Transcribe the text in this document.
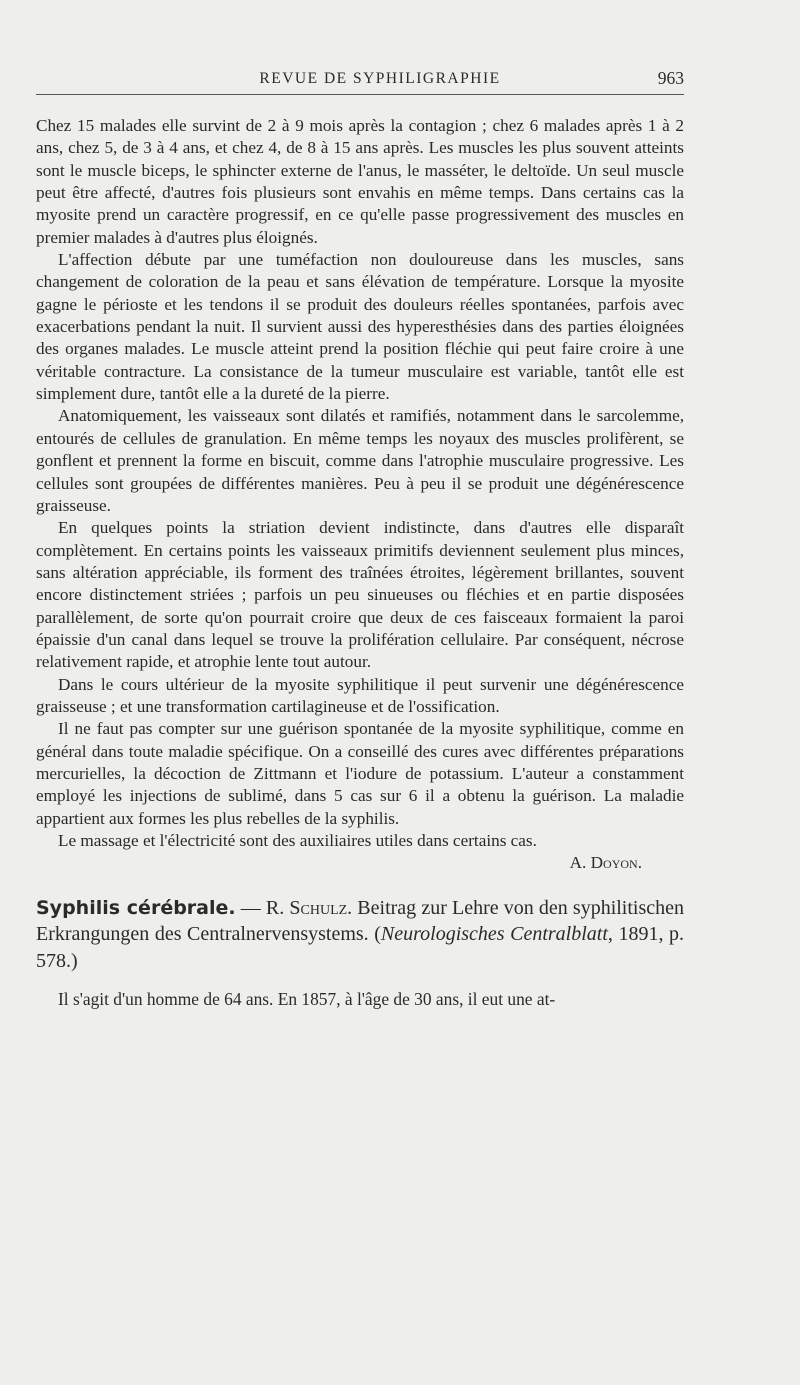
REVUE DE SYPHILIGRAPHIE	963

Chez 15 malades elle survint de 2 à 9 mois après la contagion ; chez 6 malades après 1 à 2 ans, chez 5, de 3 à 4 ans, et chez 4, de 8 à 15 ans après. Les muscles les plus souvent atteints sont le muscle biceps, le sphincter externe de l'anus, le masséter, le deltoïde. Un seul muscle peut être affecté, d'autres fois plusieurs sont envahis en même temps. Dans certains cas la myosite prend un caractère progressif, en ce qu'elle passe progressivement des muscles en premier malades à d'autres plus éloignés.

L'affection débute par une tuméfaction non douloureuse dans les muscles, sans changement de coloration de la peau et sans élévation de température. Lorsque la myosite gagne le périoste et les tendons il se produit des douleurs réelles spontanées, parfois avec exacerbations pendant la nuit. Il survient aussi des hyperesthésies dans des parties éloignées des organes malades. Le muscle atteint prend la position fléchie qui peut faire croire à une véritable contracture. La consistance de la tumeur musculaire est variable, tantôt elle est simplement dure, tantôt elle a la dureté de la pierre.

Anatomiquement, les vaisseaux sont dilatés et ramifiés, notamment dans le sarcolemme, entourés de cellules de granulation. En même temps les noyaux des muscles prolifèrent, se gonflent et prennent la forme en biscuit, comme dans l'atrophie musculaire progressive. Les cellules sont groupées de différentes manières. Peu à peu il se produit une dégénérescence graisseuse.

En quelques points la striation devient indistincte, dans d'autres elle disparaît complètement. En certains points les vaisseaux primitifs deviennent seulement plus minces, sans altération appréciable, ils forment des traînées étroites, légèrement brillantes, souvent encore distinctement striées ; parfois un peu sinueuses ou fléchies et en partie disposées parallèlement, de sorte qu'on pourrait croire que deux de ces faisceaux formaient la paroi épaissie d'un canal dans lequel se trouve la prolifération cellulaire. Par conséquent, nécrose relativement rapide, et atrophie lente tout autour.

Dans le cours ultérieur de la myosite syphilitique il peut survenir une dégénérescence graisseuse ; et une transformation cartilagineuse et de l'ossification.

Il ne faut pas compter sur une guérison spontanée de la myosite syphilitique, comme en général dans toute maladie spécifique. On a conseillé des cures avec différentes préparations mercurielles, la décoction de Zittmann et l'iodure de potassium. L'auteur a constamment employé les injections de sublimé, dans 5 cas sur 6 il a obtenu la guérison. La maladie appartient aux formes les plus rebelles de la syphilis.

Le massage et l'électricité sont des auxiliaires utiles dans certains cas.

A. Doyon.

Syphilis cérébrale. — R. Schulz. Beitrag zur Lehre von den syphilitischen Erkrangungen des Centralnervensystems. (Neurologisches Centralblatt, 1891, p. 578.)

Il s'agit d'un homme de 64 ans. En 1857, à l'âge de 30 ans, il eut une at-
